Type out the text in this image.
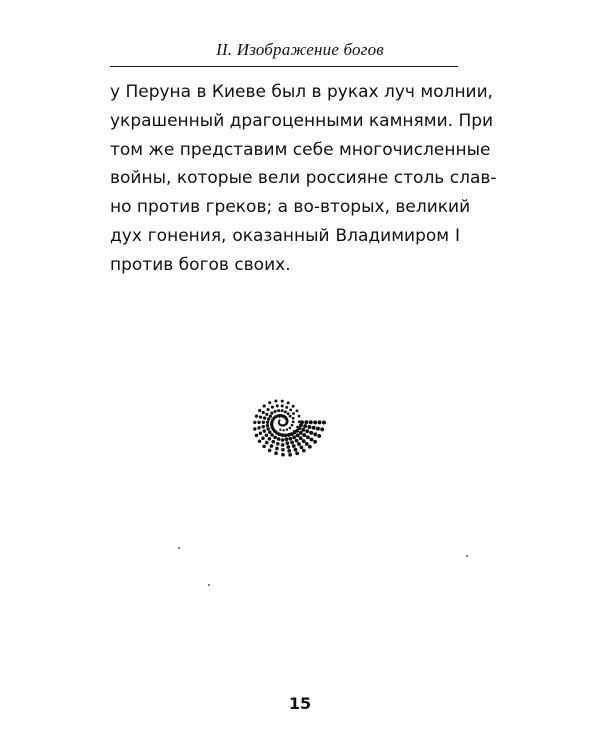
II. Изображение богов
у Перуна в Киеве был в руках луч молнии,
украшенный драгоценными камнями. При
том же представим себе многочисленные
войны, которые вели россияне столь слав-
но против греков; а во-вторых, великий
дух гонения, оказанный Владимиром I
против богов своих.
15
